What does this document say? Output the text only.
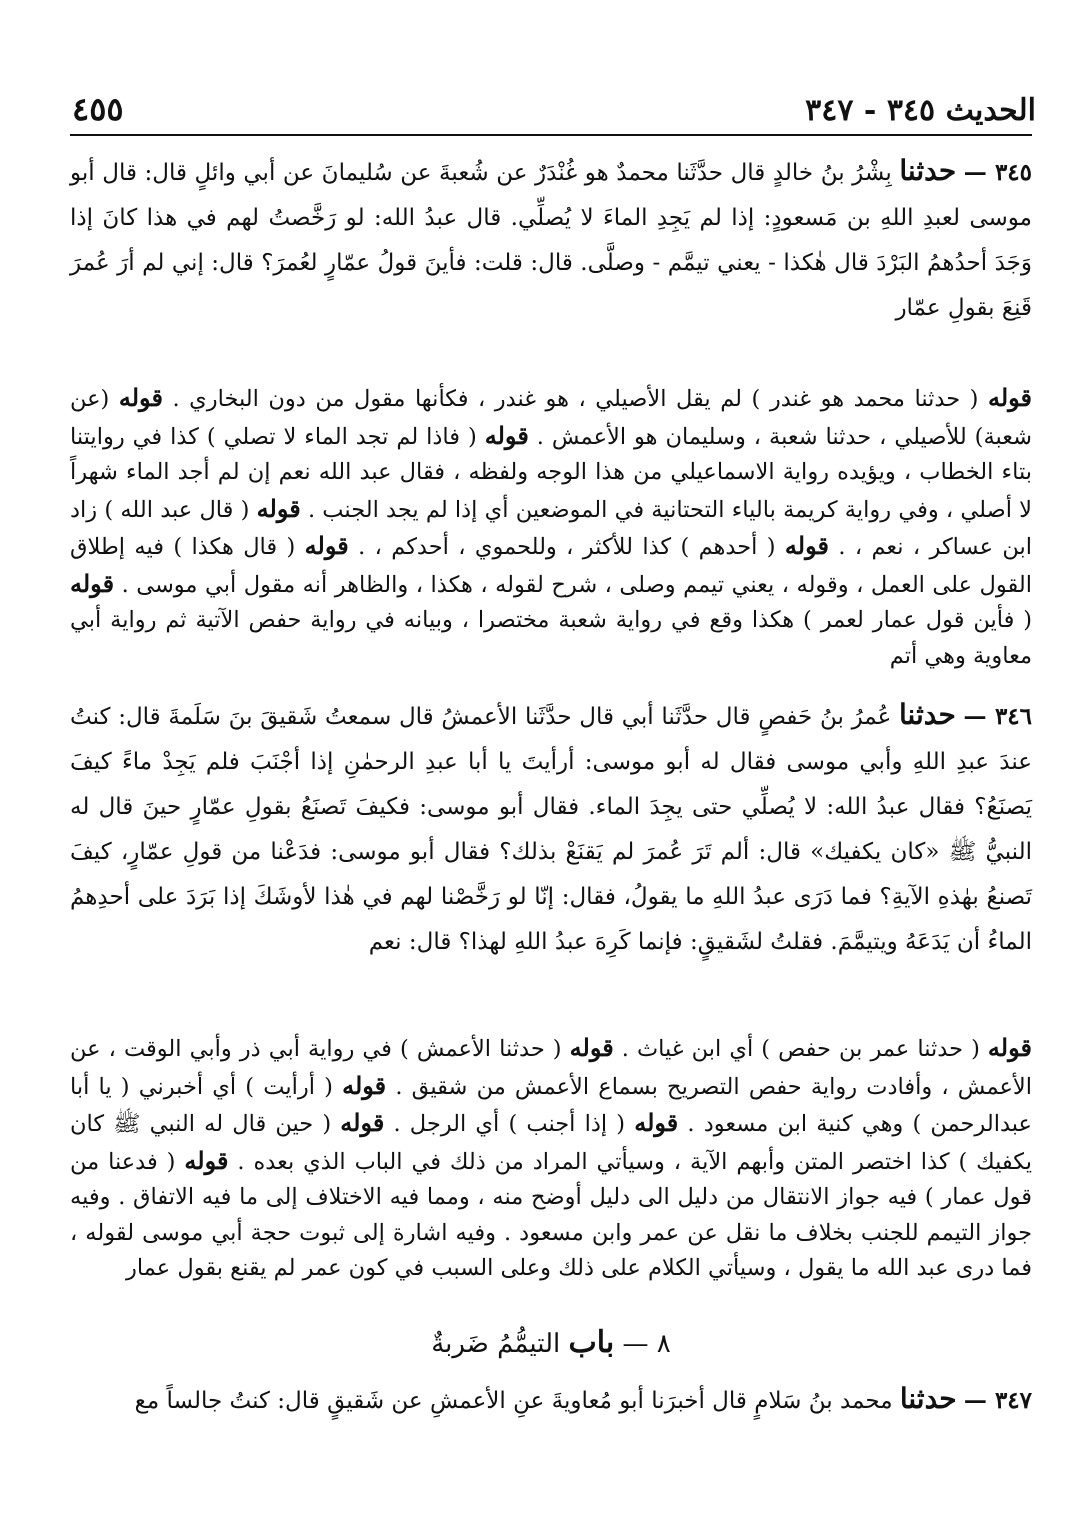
٤٥٥	الحديث ٣٤٥ - ٣٤٧
٣٤٥ — حدثنا بِشْرُ بنُ خالدٍ قال حدَّثَنا محمدٌ هو غُنْدَرٌ عن شُعبةَ عن سُليمانَ عن أبي وائلٍ قال: قال أبو موسى لعبدِ اللهِ بن مَسعودٍ: إذا لم يَجِدِ الماءَ لا يُصلِّي. قال عبدُ الله: لو رَخَّصتُ لهم في هذا كانَ إذا وَجَدَ أحدُهمُ البَرْدَ قال هٰكذا - يعني تيمَّم - وصلَّى. قال: قلت: فأينَ قولُ عمّارٍ لعُمرَ؟ قال: إني لم أرَ عُمرَ قَنِعَ بقولِ عمّار
قوله ( حدثنا محمد هو غندر ) لم يقل الأصيلي ، هو غندر ، فكأنها مقول من دون البخاري . قوله (عن شعبة) للأصيلي ، حدثنا شعبة ، وسليمان هو الأعمش . قوله ( فاذا لم تجد الماء لا تصلي ) كذا في روايتنا بتاء الخطاب ، ويؤيده رواية الاسماعيلي من هذا الوجه ولفظه ، فقال عبد الله نعم إن لم أجد الماء شهراً لا أصلي ، وفي رواية كريمة بالياء التحتانية في الموضعين أي إذا لم يجد الجنب . قوله ( قال عبد الله ) زاد ابن عساكر ، نعم ، . قوله ( أحدهم ) كذا للأكثر ، وللحموي ، أحدكم ، . قوله ( قال هكذا ) فيه إطلاق القول على العمل ، وقوله ، يعني تيمم وصلى ، شرح لقوله ، هكذا ، والظاهر أنه مقول أبي موسى . قوله ( فأين قول عمار لعمر ) هكذا وقع في رواية شعبة مختصرا ، وبيانه في رواية حفص الآتية ثم رواية أبي معاوية وهي أتم
٣٤٦ — حدثنا عُمرُ بنُ حَفصٍ قال حدَّثَنا أبي قال حدَّثَنا الأعمشُ قال سمعتُ شَقيقَ بنَ سَلَمةَ قال: كنتُ عندَ عبدِ اللهِ وأبي موسى فقال له أبو موسى: أرأيتَ يا أبا عبدِ الرحمٰنِ إذا أجْنَبَ فلم يَجِدْ ماءً كيفَ يَصنَعُ؟ فقال عبدُ الله: لا يُصلِّي حتى يجِدَ الماء. فقال أبو موسى: فكيفَ تَصنَعُ بقولِ عمّارٍ حينَ قال له النبيُّ ﷺ «كان يكفيك» قال: ألم تَرَ عُمرَ لم يَقنَعْ بذلك؟ فقال أبو موسى: فدَعْنا من قولِ عمّارٍ، كيفَ تَصنعُ بهٰذهِ الآيةِ؟ فما دَرَى عبدُ اللهِ ما يقولُ، فقال: إنّا لو رَخَّصْنا لهم في هٰذا لأوشَكَ إذا بَرَدَ على أحدِهمُ الماءُ أن يَدَعَهُ ويتيمَّمَ. فقلتُ لشَقيقٍ: فإنما كَرِهَ عبدُ اللهِ لهذا؟ قال: نعم
قوله ( حدثنا عمر بن حفص ) أي ابن غياث . قوله ( حدثنا الأعمش ) في رواية أبي ذر وأبي الوقت ، عن الأعمش ، وأفادت رواية حفص التصريح بسماع الأعمش من شقيق . قوله ( أرأيت ) أي أخبرني ( يا أبا عبدالرحمن ) وهي كنية ابن مسعود . قوله ( إذا أجنب ) أي الرجل . قوله ( حين قال له النبي ﷺ كان يكفيك ) كذا اختصر المتن وأبهم الآية ، وسيأتي المراد من ذلك في الباب الذي بعده . قوله ( فدعنا من قول عمار ) فيه جواز الانتقال من دليل الى دليل أوضح منه ، ومما فيه الاختلاف إلى ما فيه الاتفاق . وفيه جواز التيمم للجنب بخلاف ما نقل عن عمر وابن مسعود . وفيه اشارة إلى ثبوت حجة أبي موسى لقوله ، فما درى عبد الله ما يقول ، وسيأتي الكلام على ذلك وعلى السبب في كون عمر لم يقنع بقول عمار
٨ — باب التيمُّمُ ضَربةٌ
٣٤٧ — حدثنا محمد بنُ سَلامٍ قال أخبرَنا أبو مُعاويةَ عنِ الأعمشِ عن شَقيقٍ قال: كنتُ جالساً مع
